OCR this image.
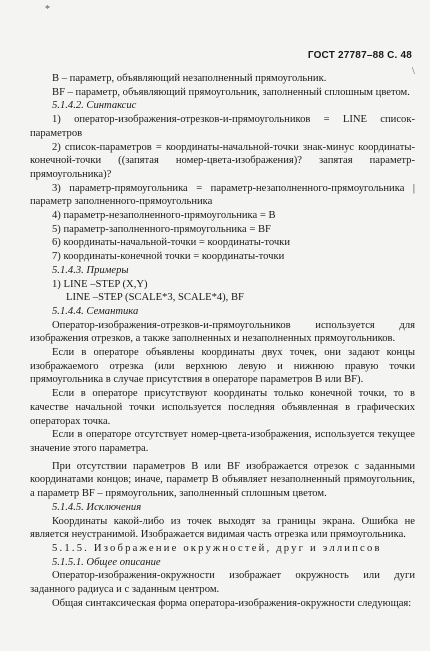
*
\
ГОСТ 27787–88 С. 48

B – параметр, объявляющий незаполненный прямоугольник.

BF – параметр, объявляющий прямоугольник, заполненный сплошным цветом.

5.1.4.2. Синтаксис

1) оператор-изображения-отрезков-и-прямоугольников = LINE список-параметров

2) список-параметров = координаты-начальной-точки знак-минус координаты-конечной-точки ((запятая номер-цвета-изображения)? запятая параметр-прямоугольника)?

3) параметр-прямоугольника = параметр-незаполненного-прямоугольника | параметр заполненного-прямоугольника

4) параметр-незаполненного-прямоугольника = B

5) параметр-заполненного-прямоугольника = BF

6) координаты-начальной-точки = координаты-точки

7) координаты-конечной точки = координаты-точки

5.1.4.3. Примеры

1) LINE –STEP (X,Y)

LINE –STEP (SCALE*3, SCALE*4), BF

5.1.4.4. Семантика

Оператор-изображения-отрезков-и-прямоугольников используется для изображения отрезков, а также заполненных и незаполненных прямоугольников.

Если в операторе объявлены координаты двух точек, они задают концы изображаемого отрезка (или верхнюю левую и нижнюю правую точки прямоугольника в случае присутствия в операторе параметров B или BF).

Если в операторе присутствуют координаты только конечной точки, то в качестве начальной точки используется последняя объявленная в графических операторах точка.

Если в операторе отсутствует номер-цвета-изображения, используется текущее значение этого параметра.

При отсутствии параметров B или BF изображается отрезок с заданными координатами концов; иначе, параметр B объявляет незаполненный прямоугольник, а параметр BF – прямоугольник, заполненный сплошным цветом.

5.1.4.5. Исключения

Координаты какой-либо из точек выходят за границы экрана. Ошибка не является неустранимой. Изображается видимая часть отрезка или прямоугольника.

5.1.5. Изображение окружностей, друг и эллипсов

5.1.5.1. Общее описание

Оператор-изображения-окружности изображает окружность или дуги заданного радиуса и с заданным центром.

Общая синтаксическая форма оператора-изображения-окружности следующая:
